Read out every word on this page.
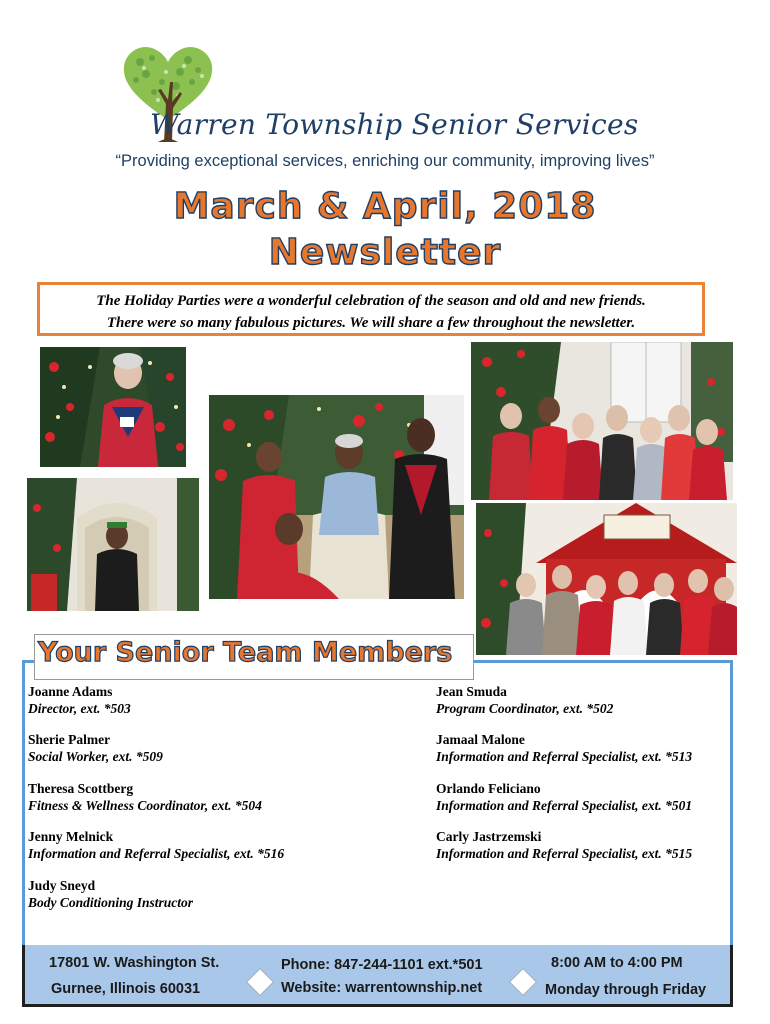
Warren Township Senior Services
“Providing exceptional services, enriching our community, improving lives”
March & April, 2018
Newsletter
The Holiday Parties were a wonderful celebration of the season and old and new friends.
There were so many fabulous pictures. We will share a few throughout the newsletter.
Your Senior Team Members
Joanne Adams
Director, ext. *503
Jean Smuda
Program Coordinator, ext. *502
Sherie Palmer
Social Worker, ext. *509
Jamaal Malone
Information and Referral Specialist, ext. *513
Theresa Scottberg
Fitness & Wellness Coordinator, ext. *504
Orlando Feliciano
Information and Referral Specialist, ext. *501
Jenny Melnick
Information and Referral Specialist, ext. *516
Carly Jastrzemski
Information and Referral Specialist, ext. *515
Judy Sneyd
Body Conditioning Instructor
17801 W. Washington St.
Gurnee, Illinois 60031
Phone: 847-244-1101 ext.*501
Website: warrentownship.net
8:00 AM to 4:00 PM
Monday through Friday
